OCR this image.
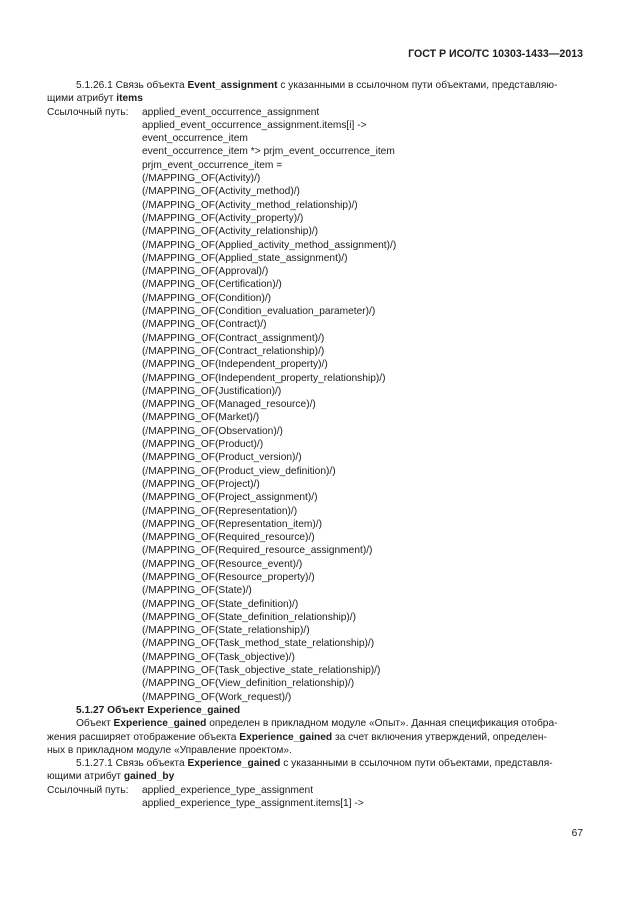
ГОСТ Р ИСО/ТС 10303-1433—2013
5.1.26.1 Связь объекта Event_assignment с указанными в ссылочном пути объектами, представляю-
щими атрибут items
Ссылочный путь:	applied_event_occurrence_assignment
applied_event_occurrence_assignment.items[i] ->
event_occurrence_item
event_occurrence_item *> prjm_event_occurrence_item
prjm_event_occurrence_item =
(/MAPPING_OF(Activity)/)
(/MAPPING_OF(Activity_method)/)
(/MAPPING_OF(Activity_method_relationship)/)
(/MAPPING_OF(Activity_property)/)
(/MAPPING_OF(Activity_relationship)/)
(/MAPPING_OF(Applied_activity_method_assignment)/)
(/MAPPING_OF(Applied_state_assignment)/)
(/MAPPING_OF(Approval)/)
(/MAPPING_OF(Certification)/)
(/MAPPING_OF(Condition)/)
(/MAPPING_OF(Condition_evaluation_parameter)/)
(/MAPPING_OF(Contract)/)
(/MAPPING_OF(Contract_assignment)/)
(/MAPPING_OF(Contract_relationship)/)
(/MAPPING_OF(Independent_property)/)
(/MAPPING_OF(Independent_property_relationship)/)
(/MAPPING_OF(Justification)/)
(/MAPPING_OF(Managed_resource)/)
(/MAPPING_OF(Market)/)
(/MAPPING_OF(Observation)/)
(/MAPPING_OF(Product)/)
(/MAPPING_OF(Product_version)/)
(/MAPPING_OF(Product_view_definition)/)
(/MAPPING_OF(Project)/)
(/MAPPING_OF(Project_assignment)/)
(/MAPPING_OF(Representation)/)
(/MAPPING_OF(Representation_item)/)
(/MAPPING_OF(Required_resource)/)
(/MAPPING_OF(Required_resource_assignment)/)
(/MAPPING_OF(Resource_event)/)
(/MAPPING_OF(Resource_property)/)
(/MAPPING_OF(State)/)
(/MAPPING_OF(State_definition)/)
(/MAPPING_OF(State_definition_relationship)/)
(/MAPPING_OF(State_relationship)/)
(/MAPPING_OF(Task_method_state_relationship)/)
(/MAPPING_OF(Task_objective)/)
(/MAPPING_OF(Task_objective_state_relationship)/)
(/MAPPING_OF(View_definition_relationship)/)
(/MAPPING_OF(Work_request)/)
5.1.27 Объект Experience_gained
Объект Experience_gained определен в прикладном модуле «Опыт». Данная спецификация отобра-
жения расширяет отображение объекта Experience_gained за счет включения утверждений, определен-
ных в прикладном модуле «Управление проектом».
5.1.27.1 Связь объекта Experience_gained с указанными в ссылочном пути объектами, представля-
ющими атрибут gained_by
Ссылочный путь:	applied_experience_type_assignment
applied_experience_type_assignment.items[1] ->
67
